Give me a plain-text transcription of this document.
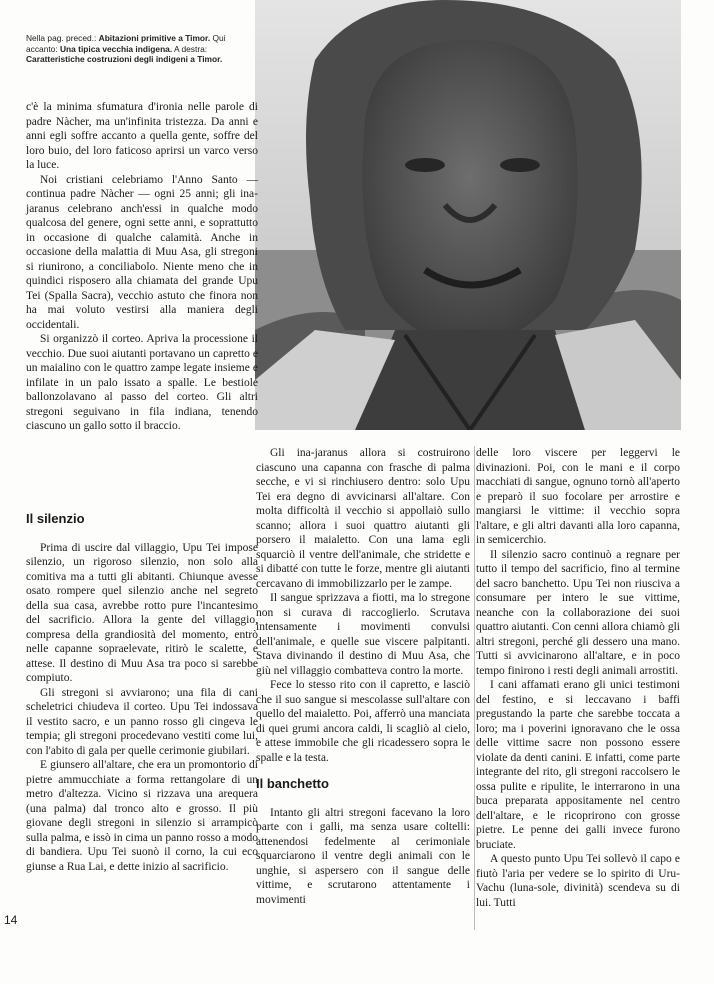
Nella pag. preced.: Abitazioni primitive a Timor. Qui accanto: Una tipica vecchia indigena. A destra: Caratteristiche costruzioni degli indigeni a Timor.

c'è la minima sfumatura d'ironia nelle parole di padre Nàcher, ma un'infinita tristezza. Da anni e anni egli soffre accanto a quella gente, soffre del loro buio, del loro faticoso aprirsi un varco verso la luce.

Noi cristiani celebriamo l'Anno Santo — continua padre Nàcher — ogni 25 anni; gli ina-jaranus celebrano anch'essi in qualche modo qualcosa del genere, ogni sette anni, e soprattutto in occasione di qualche calamità. Anche in occasione della malattia di Muu Asa, gli stregoni si riunirono, a conciliabolo. Niente meno che in quindici risposero alla chiamata del grande Upu Tei (Spalla Sacra), vecchio astuto che finora non ha mai voluto vestirsi alla maniera degli occidentali.

Si organizzò il corteo. Apriva la processione il vecchio. Due suoi aiutanti portavano un capretto e un maialino con le quattro zampe legate insieme e infilate in un palo issato a spalle. Le bestiole ballonzolavano al passo del corteo. Gli altri stregoni seguivano in fila indiana, tenendo ciascuno un gallo sotto il braccio.

Il silenzio

Prima di uscire dal villaggio, Upu Tei impose silenzio, un rigoroso silenzio, non solo alla comitiva ma a tutti gli abitanti. Chiunque avesse osato rompere quel silenzio anche nel segreto della sua casa, avrebbe rotto pure l'incantesimo del sacrificio. Allora la gente del villaggio, compresa della grandiosità del momento, entrò nelle capanne sopraelevate, ritirò le scalette, e attese. Il destino di Muu Asa tra poco si sarebbe compiuto.

Gli stregoni si avviarono; una fila di cani scheletrici chiudeva il corteo. Upu Tei indossava il vestito sacro, e un panno rosso gli cingeva le tempia; gli stregoni procedevano vestiti come lui, con l'abito di gala per quelle cerimonie giubilari.

E giunsero all'altare, che era un promontorio di pietre ammucchiate a forma rettangolare di un metro d'altezza. Vicino si rizzava una arequera (una palma) dal tronco alto e grosso. Il più giovane degli stregoni in silenzio si arrampicò sulla palma, e issò in cima un panno rosso a modo di bandiera. Upu Tei suonò il corno, la cui eco giunse a Rua Lai, e dette inizio al sacrificio.

Gli ina-jaranus allora si costruirono ciascuno una capanna con frasche di palma secche, e vi si rinchiusero dentro: solo Upu Tei era degno di avvicinarsi all'altare. Con molta difficoltà il vecchio si appollaiò sullo scanno; allora i suoi quattro aiutanti gli porsero il maialetto. Con una lama egli squarciò il ventre dell'animale, che stridette e si dibatté con tutte le forze, mentre gli aiutanti cercavano di immobilizzarlo per le zampe.

Il sangue sprizzava a fiotti, ma lo stregone non si curava di raccoglierlo. Scrutava intensamente i movimenti convulsi dell'animale, e quelle sue viscere palpitanti. Stava divinando il destino di Muu Asa, che giù nel villaggio combatteva contro la morte.

Fece lo stesso rito con il capretto, e lasciò che il suo sangue si mescolasse sull'altare con quello del maialetto. Poi, afferrò una manciata di quei grumi ancora caldi, li scagliò al cielo, e attese immobile che gli ricadessero sopra le spalle e la testa.

Il banchetto

Intanto gli altri stregoni facevano la loro parte con i galli, ma senza usare coltelli: attenendosi fedelmente al cerimoniale squarciarono il ventre degli animali con le unghie, si aspersero con il sangue delle vittime, e scrutarono attentamente i movimenti

delle loro viscere per leggervi le divinazioni. Poi, con le mani e il corpo macchiati di sangue, ognuno tornò all'aperto e preparò il suo focolare per arrostire e mangiarsi le vittime: il vecchio sopra l'altare, e gli altri davanti alla loro capanna, in semicerchio.

Il silenzio sacro continuò a regnare per tutto il tempo del sacrificio, fino al termine del sacro banchetto. Upu Tei non riusciva a consumare per intero le sue vittime, neanche con la collaborazione dei suoi quattro aiutanti. Con cenni allora chiamò gli altri stregoni, perché gli dessero una mano. Tutti si avvicinarono all'altare, e in poco tempo finirono i resti degli animali arrostiti.

I cani affamati erano gli unici testimoni del festino, e si leccavano i baffi pregustando la parte che sarebbe toccata a loro; ma i poverini ignoravano che le ossa delle vittime sacre non possono essere violate da denti canini. E infatti, come parte integrante del rito, gli stregoni raccolsero le ossa pulite e ripulite, le interrarono in una buca preparata appositamente nel centro dell'altare, e le ricoprirono con grosse pietre. Le penne dei galli invece furono bruciate.

A questo punto Upu Tei sollevò il capo e fiutò l'aria per vedere se lo spirito di Uru-Vachu (luna-sole, divinità) scendeva su di lui. Tutti

14
